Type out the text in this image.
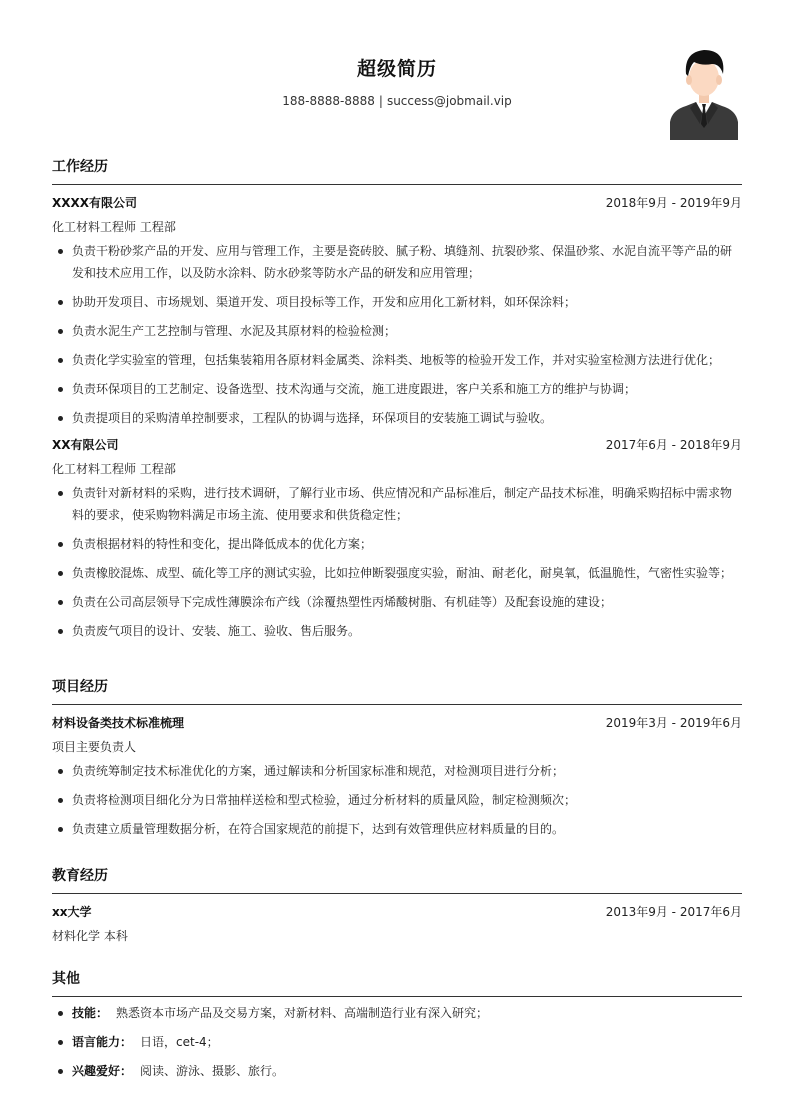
超级简历
188-8888-8888 | success@jobmail.vip
工作经历
XXXX有限公司	2018年9月 - 2019年9月
化工材料工程师 工程部
负责干粉砂浆产品的开发、应用与管理工作，主要是瓷砖胶、腻子粉、填缝剂、抗裂砂浆、保温砂浆、水泥自流平等产品的研发和技术应用工作，以及防水涂料、防水砂浆等防水产品的研发和应用管理；
协助开发项目、市场规划、渠道开发、项目投标等工作，开发和应用化工新材料，如环保涂料；
负责水泥生产工艺控制与管理、水泥及其原材料的检验检测；
负责化学实验室的管理，包括集装箱用各原材料金属类、涂料类、地板等的检验开发工作，并对实验室检测方法进行优化；
负责环保项目的工艺制定、设备选型、技术沟通与交流，施工进度跟进，客户关系和施工方的维护与协调；
负责提项目的采购清单控制要求，工程队的协调与选择，环保项目的安装施工调试与验收。
XX有限公司	2017年6月 - 2018年9月
化工材料工程师 工程部
负责针对新材料的采购，进行技术调研，了解行业市场、供应情况和产品标准后，制定产品技术标准，明确采购招标中需求物料的要求，使采购物料满足市场主流、使用要求和供货稳定性；
负责根据材料的特性和变化，提出降低成本的优化方案；
负责橡胶混炼、成型、硫化等工序的测试实验，比如拉伸断裂强度实验，耐油、耐老化，耐臭氧，低温脆性，气密性实验等；
负责在公司高层领导下完成性薄膜涂布产线（涂覆热塑性丙烯酸树脂、有机硅等）及配套设施的建设；
负责废气项目的设计、安装、施工、验收、售后服务。
项目经历
材料设备类技术标准梳理	2019年3月 - 2019年6月
项目主要负责人
负责统筹制定技术标准优化的方案，通过解读和分析国家标准和规范，对检测项目进行分析；
负责将检测项目细化分为日常抽样送检和型式检验，通过分析材料的质量风险，制定检测频次；
负责建立质量管理数据分析，在符合国家规范的前提下，达到有效管理供应材料质量的目的。
教育经历
xx大学	2013年9月 - 2017年6月
材料化学 本科
其他
技能： 熟悉资本市场产品及交易方案，对新材料、高端制造行业有深入研究；
语言能力： 日语，cet-4；
兴趣爱好： 阅读、游泳、摄影、旅行。
